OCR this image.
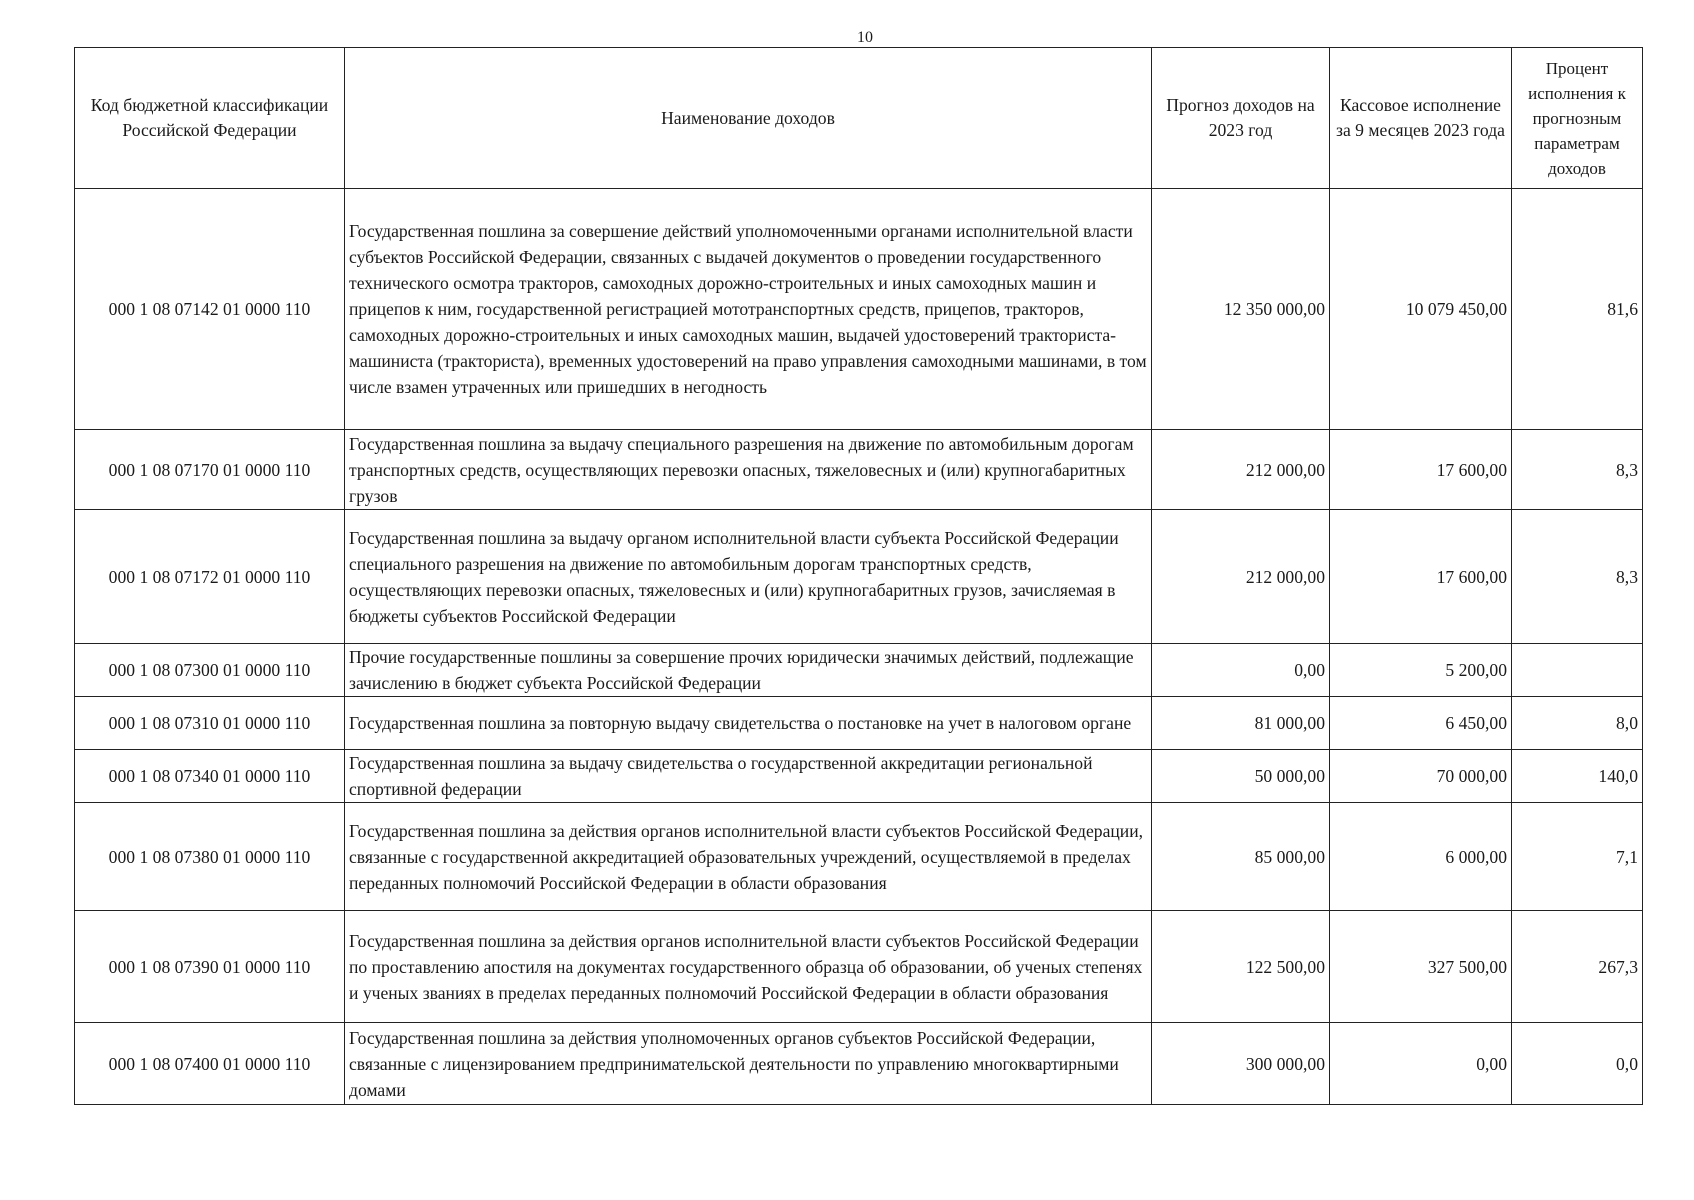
10
Код бюджетной классификации Российской Федерации	Наименование доходов	Прогноз доходов на 2023 год	Кассовое исполнение за 9 месяцев 2023 года	Процент исполнения к прогнозным параметрам доходов
000 1 08 07142 01 0000 110	Государственная пошлина за совершение действий уполномоченными органами исполнительной власти субъектов Российской Федерации, связанных с выдачей документов о проведении государственного технического осмотра тракторов, самоходных дорожно-строительных и иных самоходных машин и прицепов к ним, государственной регистрацией мототранспортных средств, прицепов, тракторов, самоходных дорожно-строительных и иных самоходных машин, выдачей удостоверений тракториста-машиниста (тракториста), временных удостоверений на право управления самоходными машинами, в том числе взамен утраченных или пришедших в негодность	12 350 000,00	10 079 450,00	81,6
000 1 08 07170 01 0000 110	Государственная пошлина за выдачу специального разрешения на движение по автомобильным дорогам транспортных средств, осуществляющих перевозки опасных, тяжеловесных и (или) крупногабаритных грузов	212 000,00	17 600,00	8,3
000 1 08 07172 01 0000 110	Государственная пошлина за выдачу органом исполнительной власти субъекта Российской Федерации специального разрешения на движение по автомобильным дорогам транспортных средств, осуществляющих перевозки опасных, тяжеловесных и (или) крупногабаритных грузов, зачисляемая в бюджеты субъектов Российской Федерации	212 000,00	17 600,00	8,3
000 1 08 07300 01 0000 110	Прочие государственные пошлины за совершение прочих юридически значимых действий, подлежащие зачислению в бюджет субъекта Российской Федерации	0,00	5 200,00	
000 1 08 07310 01 0000 110	Государственная пошлина за повторную выдачу свидетельства о постановке на учет в налоговом органе	81 000,00	6 450,00	8,0
000 1 08 07340 01 0000 110	Государственная пошлина за выдачу свидетельства о государственной аккредитации региональной спортивной федерации	50 000,00	70 000,00	140,0
000 1 08 07380 01 0000 110	Государственная пошлина за действия органов исполнительной власти субъектов Российской Федерации, связанные с государственной аккредитацией образовательных учреждений, осуществляемой в пределах переданных полномочий Российской Федерации в области образования	85 000,00	6 000,00	7,1
000 1 08 07390 01 0000 110	Государственная пошлина за действия органов исполнительной власти субъектов Российской Федерации по проставлению апостиля на документах государственного образца об образовании, об ученых степенях и ученых званиях в пределах переданных полномочий Российской Федерации в области образования	122 500,00	327 500,00	267,3
000 1 08 07400 01 0000 110	Государственная пошлина за действия уполномоченных органов субъектов Российской Федерации, связанные с лицензированием предпринимательской деятельности по управлению многоквартирными домами	300 000,00	0,00	0,0
